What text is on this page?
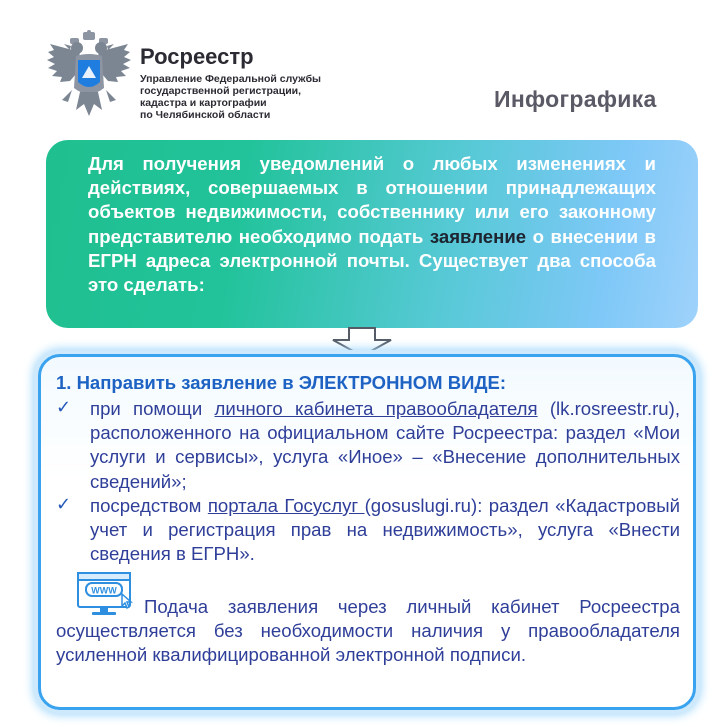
Росреестр
Управление Федеральной службы
государственной регистрации,
кадастра и картографии
по Челябинской области
Инфографика

Для получения уведомлений о любых изменениях и действиях, совершаемых в отношении принадлежащих объектов недвижимости, собственнику или его законному представителю необходимо подать заявление о внесении в ЕГРН адреса электронной почты. Существует два способа это сделать:

1. Направить заявление в ЭЛЕКТРОННОМ ВИДЕ:
✓ при помощи личного кабинета правообладателя (lk.rosreestr.ru), расположенного на официальном сайте Росреестра: раздел «Мои услуги и сервисы», услуга «Иное» – «Внесение дополнительных сведений»;

✓ посредством портала Госуслуг (gosuslugi.ru): раздел «Кадастровый учет и регистрация прав на недвижимость», услуга «Внести сведения в ЕГРН».

WWW

Подача заявления через личный кабинет Росреестра осуществляется без необходимости наличия у правообладателя усиленной квалифицированной электронной подписи.
